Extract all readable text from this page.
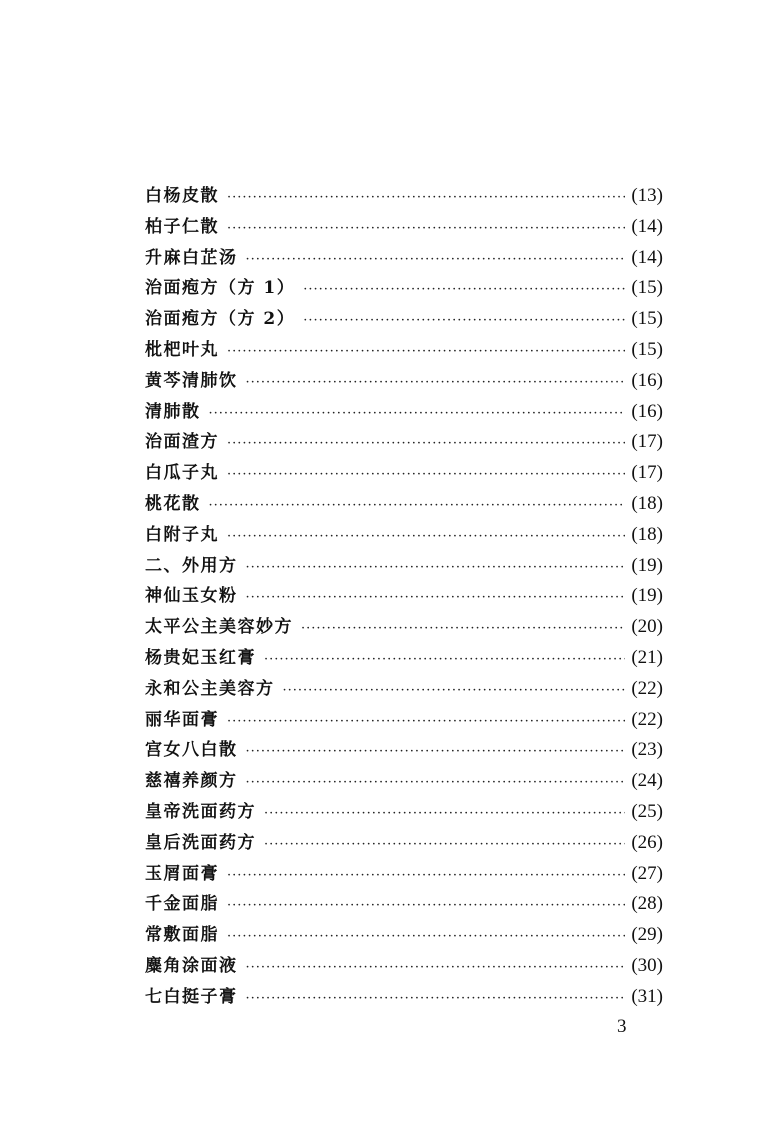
白杨皮散 ·····	(13)
柏子仁散 ·····	(14)
升麻白芷汤 ·····	(14)
治面疱方（方 1） ·····	(15)
治面疱方（方 2） ·····	(15)
枇杷叶丸 ·····	(15)
黄芩清肺饮 ·····	(16)
清肺散 ·····	(16)
治面渣方 ·····	(17)
白瓜子丸 ·····	(17)
桃花散 ·····	(18)
白附子丸 ·····	(18)
二、外用方 ·····	(19)
神仙玉女粉 ·····	(19)
太平公主美容妙方 ·····	(20)
杨贵妃玉红膏 ·····	(21)
永和公主美容方 ·····	(22)
丽华面膏 ·····	(22)
宫女八白散 ·····	(23)
慈禧养颜方 ·····	(24)
皇帝洗面药方 ·····	(25)
皇后洗面药方 ·····	(26)
玉屑面膏 ·····	(27)
千金面脂 ·····	(28)
常敷面脂 ·····	(29)
麋角涂面液 ·····	(30)
七白挺子膏 ·····	(31)
3
